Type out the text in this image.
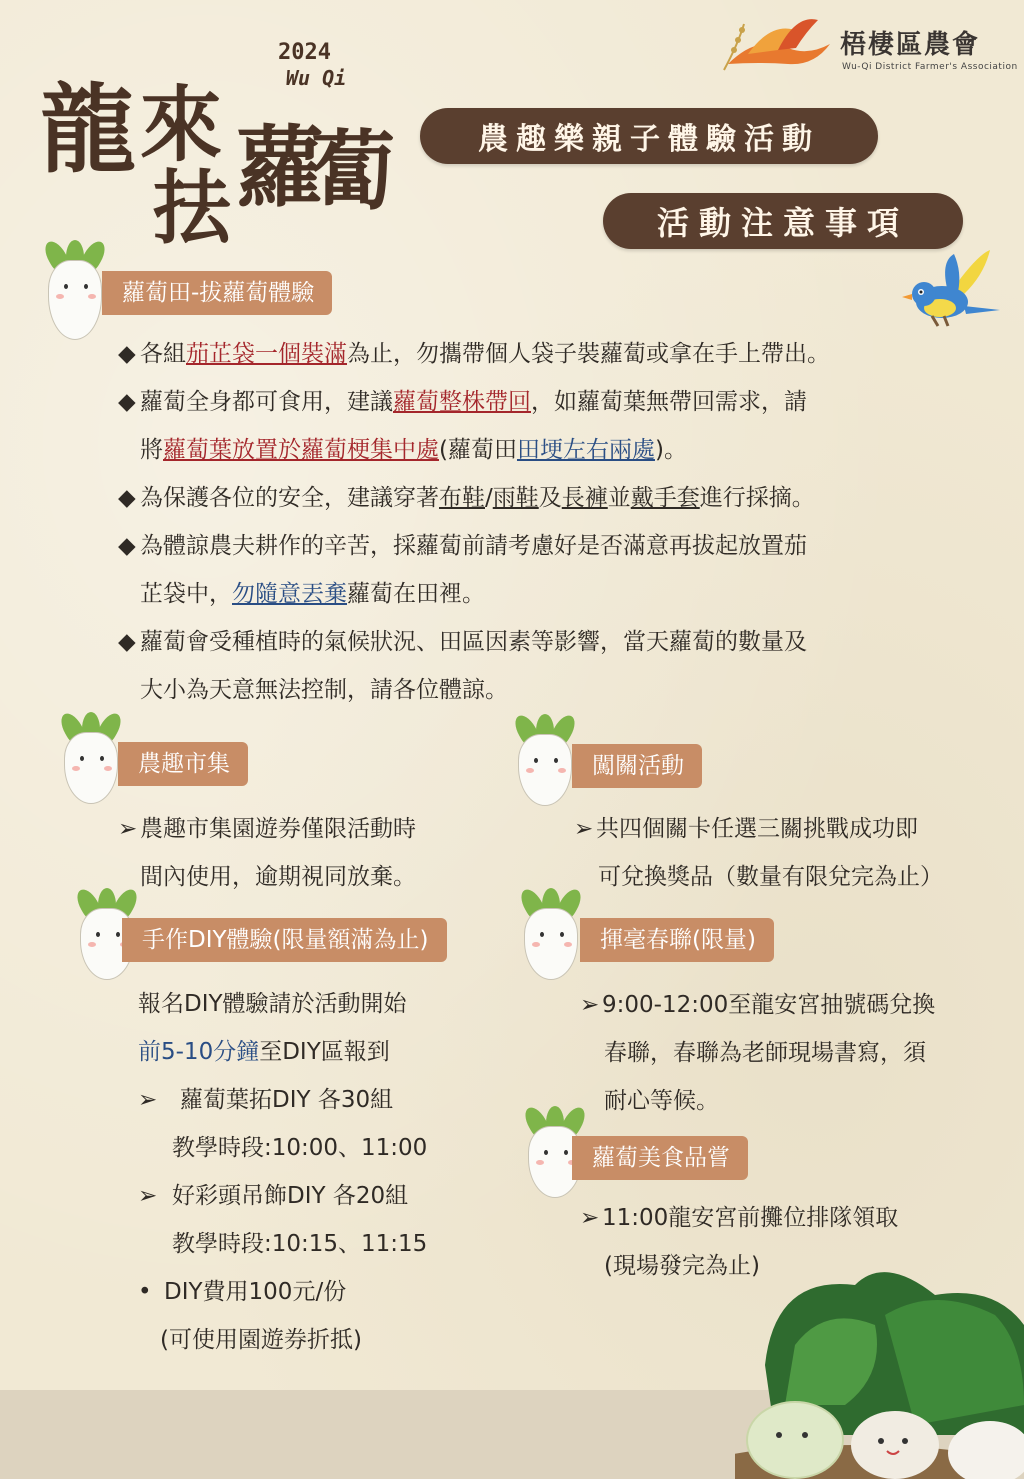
2024
Wu Qi
龍 來
抾 蘿
蔔
梧棲區農會
Wu-Qi District Farmer's Association
農趣樂親子體驗活動
活動注意事項
蘿蔔田-拔蘿蔔體驗
◆ 各組茄芷袋一個裝滿為止，勿攜帶個人袋子裝蘿蔔或拿在手上帶出。
◆ 蘿蔔全身都可食用，建議蘿蔔整株帶回，如蘿蔔葉無帶回需求，請
將蘿蔔葉放置於蘿蔔梗集中處(蘿蔔田田埂左右兩處)。
◆ 為保護各位的安全，建議穿著布鞋/雨鞋及長褲並戴手套進行採摘。
◆ 為體諒農夫耕作的辛苦，採蘿蔔前請考慮好是否滿意再拔起放置茄
芷袋中，勿隨意丟棄蘿蔔在田裡。
◆ 蘿蔔會受種植時的氣候狀況、田區因素等影響，當天蘿蔔的數量及
大小為天意無法控制，請各位體諒。
農趣市集
➢ 農趣市集園遊券僅限活動時
間內使用，逾期視同放棄。
闖關活動
➢ 共四個關卡任選三關挑戰成功即
可兌換獎品（數量有限兌完為止）
手作DIY體驗(限量額滿為止)
報名DIY體驗請於活動開始
前5-10分鐘至DIY區報到
➢ 蘿蔔葉拓DIY 各30組
教學時段:10:00、11:00
➢ 好彩頭吊飾DIY 各20組
教學時段:10:15、11:15
• DIY費用100元/份
(可使用園遊券折抵)
揮毫春聯(限量)
➢ 9:00-12:00至龍安宮抽號碼兌換
春聯，春聯為老師現場書寫，須
耐心等候。
蘿蔔美食品嘗
➢ 11:00龍安宮前攤位排隊領取
(現場發完為止)
